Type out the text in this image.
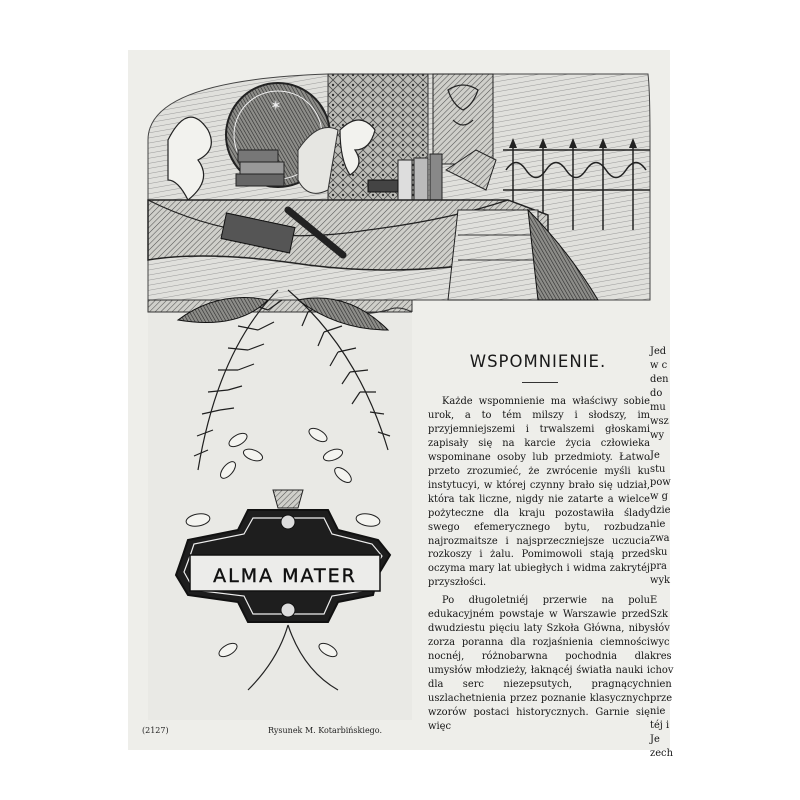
✶
ALMA MATER
WSPOMNIENIE.

Każde wspomnienie ma właściwy sobie urok, a to tém milszy i słodszy, im przyjemniejszemi i trwalszemi głoskami zapisały się na karcie życia człowieka wspominane osoby lub przedmioty. Łatwo przeto zrozumieć, że zwrócenie myśli ku instytucyi, w której czynny brało się udział, która tak liczne, nigdy nie zatarte a wielce pożyteczne dla kraju pozostawiła ślady swego efemerycznego bytu, rozbudza najrozmaitsze i najsprzeczniejsze uczucia rozkoszy i żalu. Pomimowoli stają przed oczyma mary lat ubiegłych i widma zakrytéj przyszłości.

Po długoletniéj przerwie na polu edukacyjném powstaje w Warszawie przed dwudziestu pięciu laty Szkoła Główna, niby zorza poranna dla rozjaśnienia ciemności nocnéj, różnobarwna pochodnia dla umysłów młodzieży, łaknącéj światła nauki i dla serc niezepsutych, pragnących uszlachetnienia przez poznanie klasycznych wzorów postaci historycznych. Garnie się więc

Jed
w c
den
do
mu
wsz
wy
Je
stu
pow
w g
dzie
nie
zwa
sku
pra
wyk
E
Szk
słóv
wyc
kres
chov
nien
prze
nie
téj i
Je
zech
(2127)	Rysunek M. Kotarbińskiego.
